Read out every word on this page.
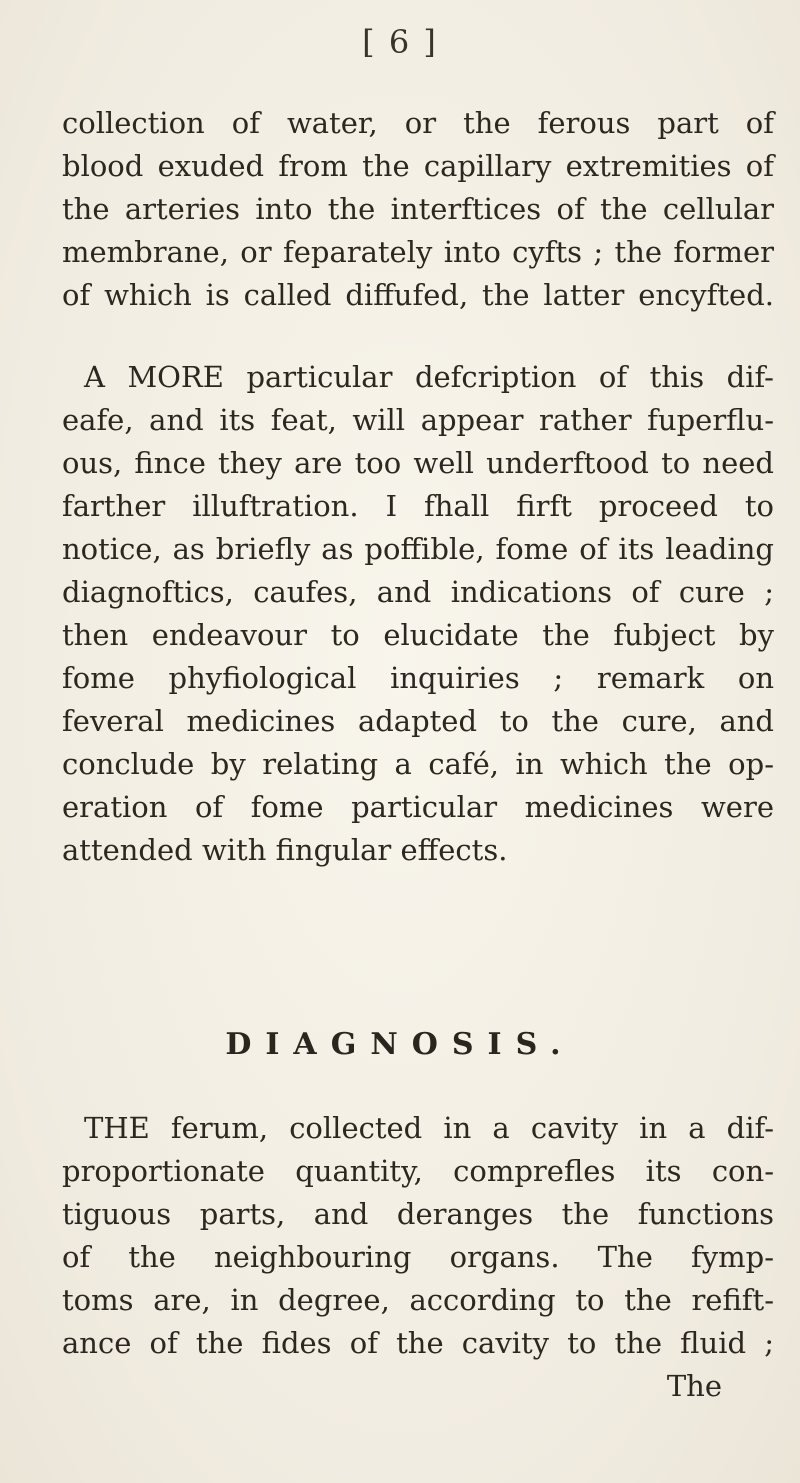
[ 6 ]
collection of water, or the ferous part of
blood exuded from the capillary extremities of
the arteries into the interftices of the cellular
membrane, or feparately into cyfts ; the former
of which is called diffufed, the latter encyfted.
A MORE particular defcription of this dif-
eafe, and its feat, will appear rather fuperflu-
ous, fince they are too well underftood to need
farther illuftration. I fhall firft proceed to
notice, as briefly as poffible, fome of its leading
diagnoftics, caufes, and indications of cure ;
then endeavour to elucidate the fubject by
fome phyfiological inquiries ; remark on
feveral medicines adapted to the cure, and
conclude by relating a café, in which the op-
eration of fome particular medicines were
attended with fingular effects.
DIAGNOSIS.
THE ferum, collected in a cavity in a dif-
proportionate quantity, comprefles its con-
tiguous parts, and deranges the functions
of the neighbouring organs. The fymp-
toms are, in degree, according to the refift-
ance of the fides of the cavity to the fluid ;
The
